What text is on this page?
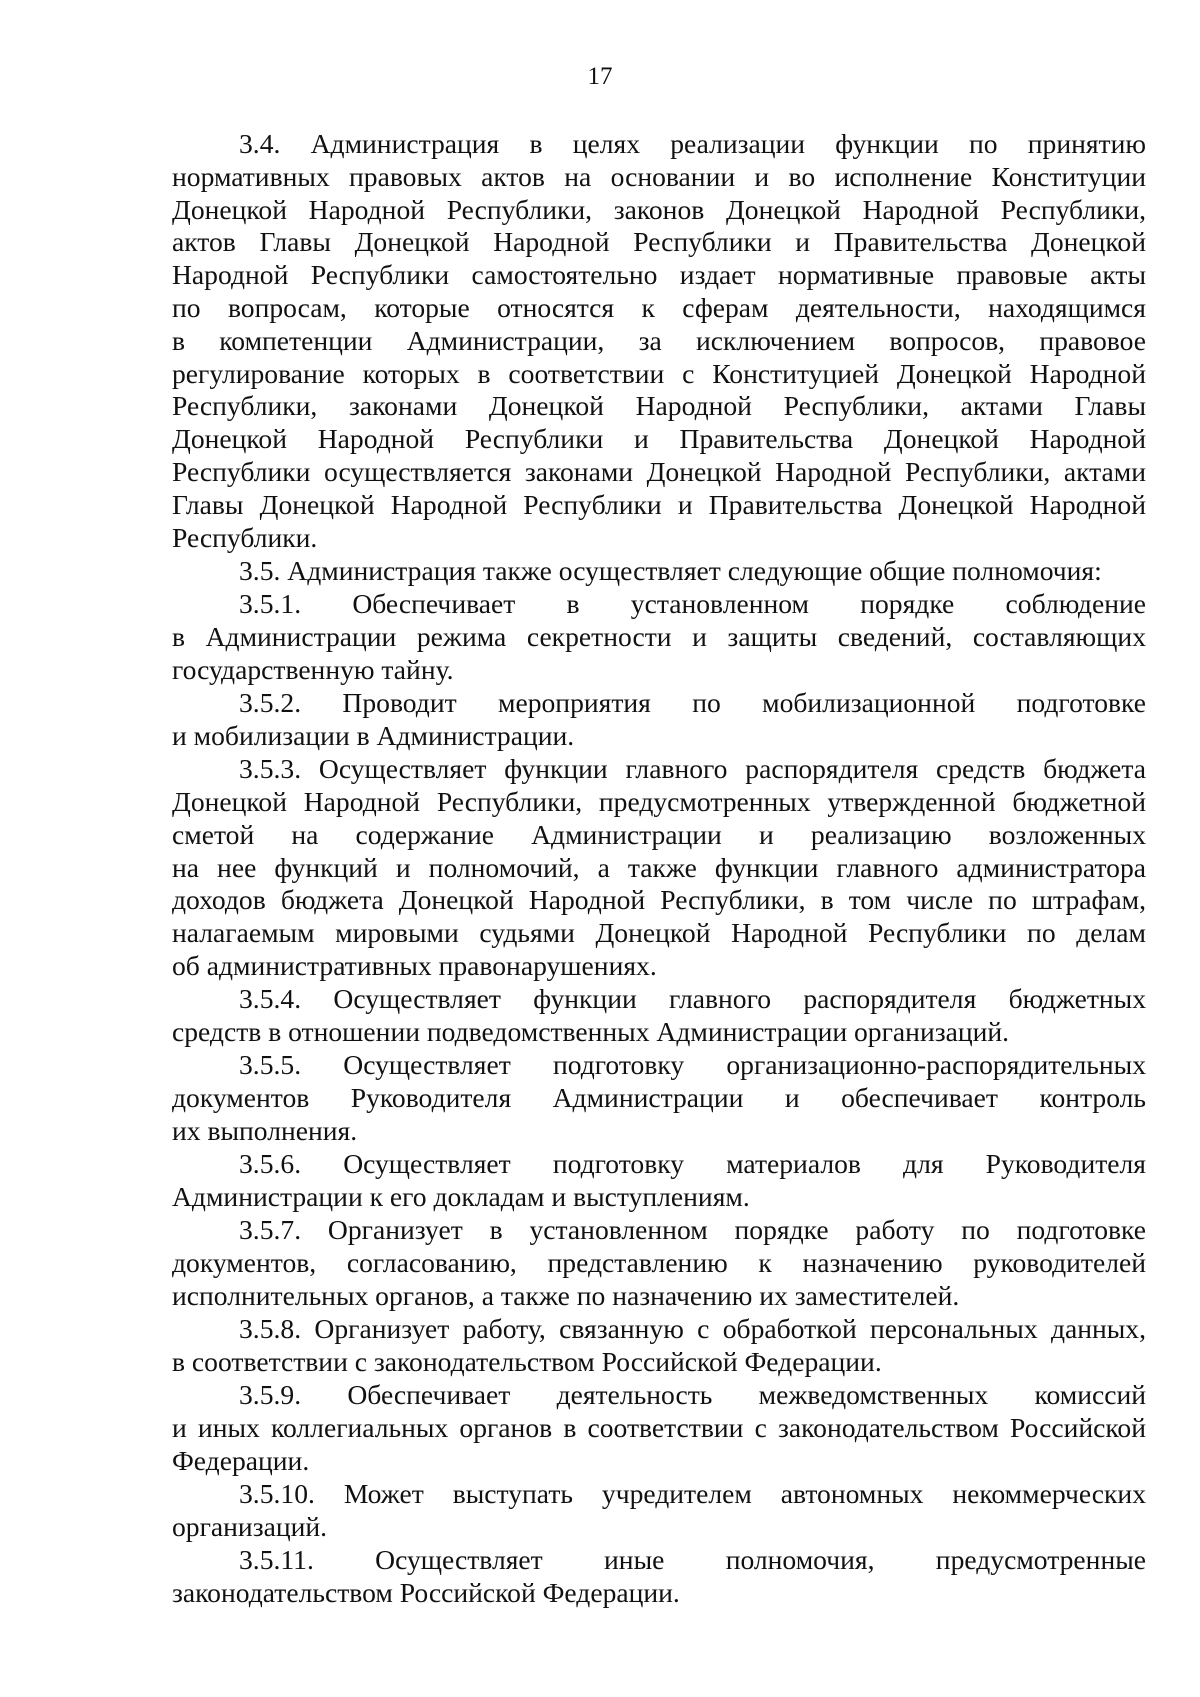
17

3.4. Администрация в целях реализации функции по принятию
нормативных правовых актов на основании и во исполнение Конституции
Донецкой Народной Республики, законов Донецкой Народной Республики,
актов Главы Донецкой Народной Республики и Правительства Донецкой
Народной Республики самостоятельно издает нормативные правовые акты
по вопросам, которые относятся к сферам деятельности, находящимся
в компетенции Администрации, за исключением вопросов, правовое
регулирование которых в соответствии с Конституцией Донецкой Народной
Республики, законами Донецкой Народной Республики, актами Главы
Донецкой Народной Республики и Правительства Донецкой Народной
Республики осуществляется законами Донецкой Народной Республики, актами
Главы Донецкой Народной Республики и Правительства Донецкой Народной
Республики.

3.5. Администрация также осуществляет следующие общие полномочия:

3.5.1. Обеспечивает в установленном порядке соблюдение
в Администрации режима секретности и защиты сведений, составляющих
государственную тайну.

3.5.2. Проводит мероприятия по мобилизационной подготовке
и мобилизации в Администрации.

3.5.3. Осуществляет функции главного распорядителя средств бюджета
Донецкой Народной Республики, предусмотренных утвержденной бюджетной
сметой на содержание Администрации и реализацию возложенных
на нее функций и полномочий, а также функции главного администратора
доходов бюджета Донецкой Народной Республики, в том числе по штрафам,
налагаемым мировыми судьями Донецкой Народной Республики по делам
об административных правонарушениях.

3.5.4. Осуществляет функции главного распорядителя бюджетных
средств в отношении подведомственных Администрации организаций.

3.5.5. Осуществляет подготовку организационно-распорядительных
документов Руководителя Администрации и обеспечивает контроль
их выполнения.

3.5.6. Осуществляет подготовку материалов для Руководителя
Администрации к его докладам и выступлениям.

3.5.7. Организует в установленном порядке работу по подготовке
документов, согласованию, представлению к назначению руководителей
исполнительных органов, а также по назначению их заместителей.

3.5.8. Организует работу, связанную с обработкой персональных данных,
в соответствии с законодательством Российской Федерации.

3.5.9. Обеспечивает деятельность межведомственных комиссий
и иных коллегиальных органов в соответствии с законодательством Российской
Федерации.

3.5.10. Может выступать учредителем автономных некоммерческих
организаций.

3.5.11. Осуществляет иные полномочия, предусмотренные
законодательством Российской Федерации.
